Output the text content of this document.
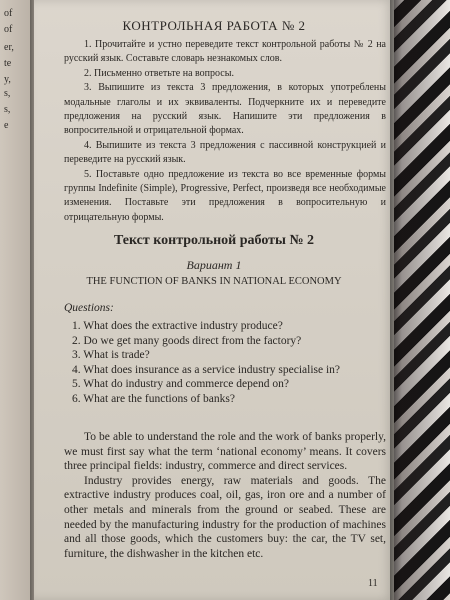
of
of
er,
te
y,
s,
s,
e
КОНТРОЛЬНАЯ РАБОТА № 2

1. Прочитайте и устно переведите текст контрольной работы № 2 на русский язык. Составьте словарь незнакомых слов.

2. Письменно ответьте на вопросы.

3. Выпишите из текста 3 предложения, в которых употреблены модальные глаголы и их эквиваленты. Подчеркните их и переведите предложения на русский язык. Напишите эти предложения в вопросительной и отрицательной формах.

4. Выпишите из текста 3 предложения с пассивной конструкцией и переведите на русский язык.

5. Поставьте одно предложение из текста во все временные формы группы Indefinite (Simple), Progressive, Perfect, произведя все необходимые изменения. Поставьте эти предложения в вопросительную и отрицательную формы.

Текст контрольной работы № 2
Вариант 1
THE FUNCTION OF BANKS IN NATIONAL ECONOMY
Questions:
1. What does the extractive industry produce?
2. Do we get many goods direct from the factory?
3. What is trade?
4. What does insurance as a service industry specialise in?
5. What do industry and commerce depend on?
6. What are the functions of banks?

To be able to understand the role and the work of banks properly, we must first say what the term ‘national economy’ means. It covers three principal fields: industry, commerce and direct services.

Industry provides energy, raw materials and goods. The extractive industry produces coal, oil, gas, iron ore and a number of other metals and minerals from the ground or seabed. These are needed by the manufacturing industry for the production of machines and all those goods, which the customers buy: the car, the TV set, furniture, the dishwasher in the kitchen etc.

11
